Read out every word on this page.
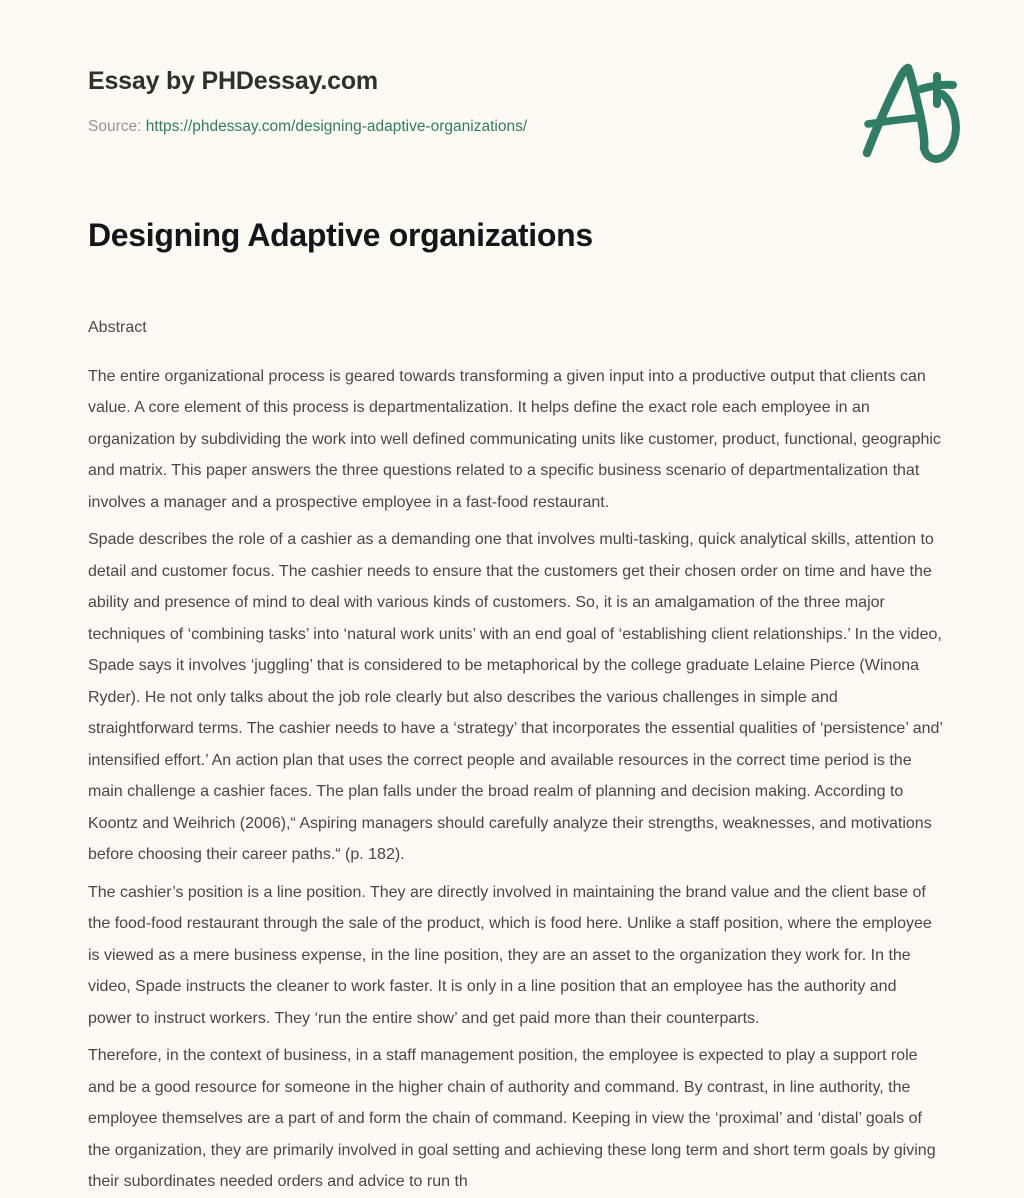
Essay by PHDessay.com
Source: https://phdessay.com/designing-adaptive-organizations/
Designing Adaptive organizations
Abstract

The entire organizational process is geared towards transforming a given input into a productive output that clients can value. A core element of this process is departmentalization. It helps define the exact role each employee in an organization by subdividing the work into well defined communicating units like customer, product, functional, geographic and matrix. This paper answers the three questions related to a specific business scenario of departmentalization that involves a manager and a prospective employee in a fast-food restaurant.

Spade describes the role of a cashier as a demanding one that involves multi-tasking, quick analytical skills, attention to detail and customer focus. The cashier needs to ensure that the customers get their chosen order on time and have the ability and presence of mind to deal with various kinds of customers. So, it is an amalgamation of the three major techniques of ‘combining tasks’ into ‘natural work units’ with an end goal of ‘establishing client relationships.’ In the video, Spade says it involves ‘juggling’ that is considered to be metaphorical by the college graduate Lelaine Pierce (Winona Ryder). He not only talks about the job role clearly but also describes the various challenges in simple and straightforward terms. The cashier needs to have a ‘strategy’ that incorporates the essential qualities of ‘persistence’ and’ intensified effort.’ An action plan that uses the correct people and available resources in the correct time period is the main challenge a cashier faces. The plan falls under the broad realm of planning and decision making. According to Koontz and Weihrich (2006),“ Aspiring managers should carefully analyze their strengths, weaknesses, and motivations before choosing their career paths.“ (p. 182).

The cashier’s position is a line position. They are directly involved in maintaining the brand value and the client base of the food-food restaurant through the sale of the product, which is food here. Unlike a staff position, where the employee is viewed as a mere business expense, in the line position, they are an asset to the organization they work for. In the video, Spade instructs the cleaner to work faster. It is only in a line position that an employee has the authority and power to instruct workers. They ‘run the entire show’ and get paid more than their counterparts.

Therefore, in the context of business, in a staff management position, the employee is expected to play a support role and be a good resource for someone in the higher chain of authority and command. By contrast, in line authority, the employee themselves are a part of and form the chain of command. Keeping in view the ‘proximal’ and ‘distal’ goals of the organization, they are primarily involved in goal setting and achieving these long term and short term goals by giving their subordinates needed orders and advice to run th
